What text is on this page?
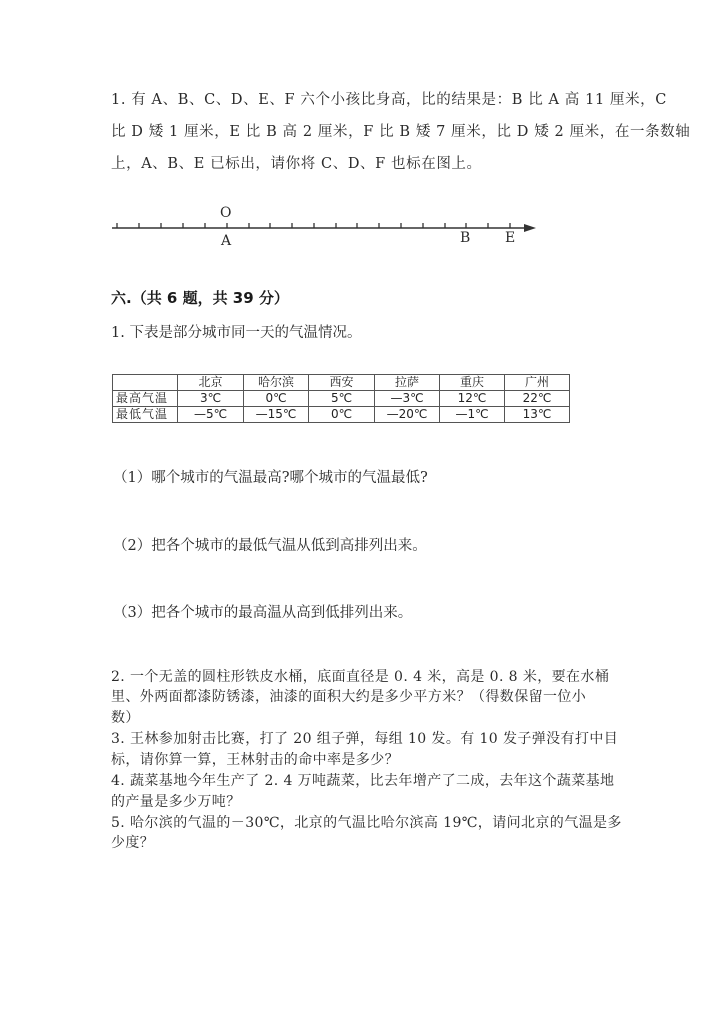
1. 有 A、B、C、D、E、F 六个小孩比身高，比的结果是：B 比 A 高 11 厘米，C
比 D 矮 1 厘米，E 比 B 高 2 厘米，F 比 B 矮 7 厘米，比 D 矮 2 厘米，在一条数轴
上，A、B、E 已标出，请你将 C、D、F 也标在图上。
O
A	B E
六.（共 6 题，共 39 分）
1. 下表是部分城市同一天的气温情况。
	北京	哈尔滨	西安	拉萨	重庆	广州
最高气温	3℃	0℃	5℃	—3℃	12℃	22℃
最低气温	—5℃	—15℃	0℃	—20℃	—1℃	13℃
（1）哪个城市的气温最高?哪个城市的气温最低?
（2）把各个城市的最低气温从低到高排列出来。
（3）把各个城市的最高温从高到低排列出来。
2. 一个无盖的圆柱形铁皮水桶，底面直径是 0. 4 米，高是 0. 8 米，要在水桶
里、外两面都漆防锈漆，油漆的面积大约是多少平方米？（得数保留一位小
数）
3. 王林参加射击比赛，打了 20 组子弹，每组 10 发。有 10 发子弹没有打中目
标，请你算一算，王林射击的命中率是多少？
4. 蔬菜基地今年生产了 2. 4 万吨蔬菜，比去年增产了二成，去年这个蔬菜基地
的产量是多少万吨？
5. 哈尔滨的气温的－30℃，北京的气温比哈尔滨高 19℃，请问北京的气温是多
少度？
